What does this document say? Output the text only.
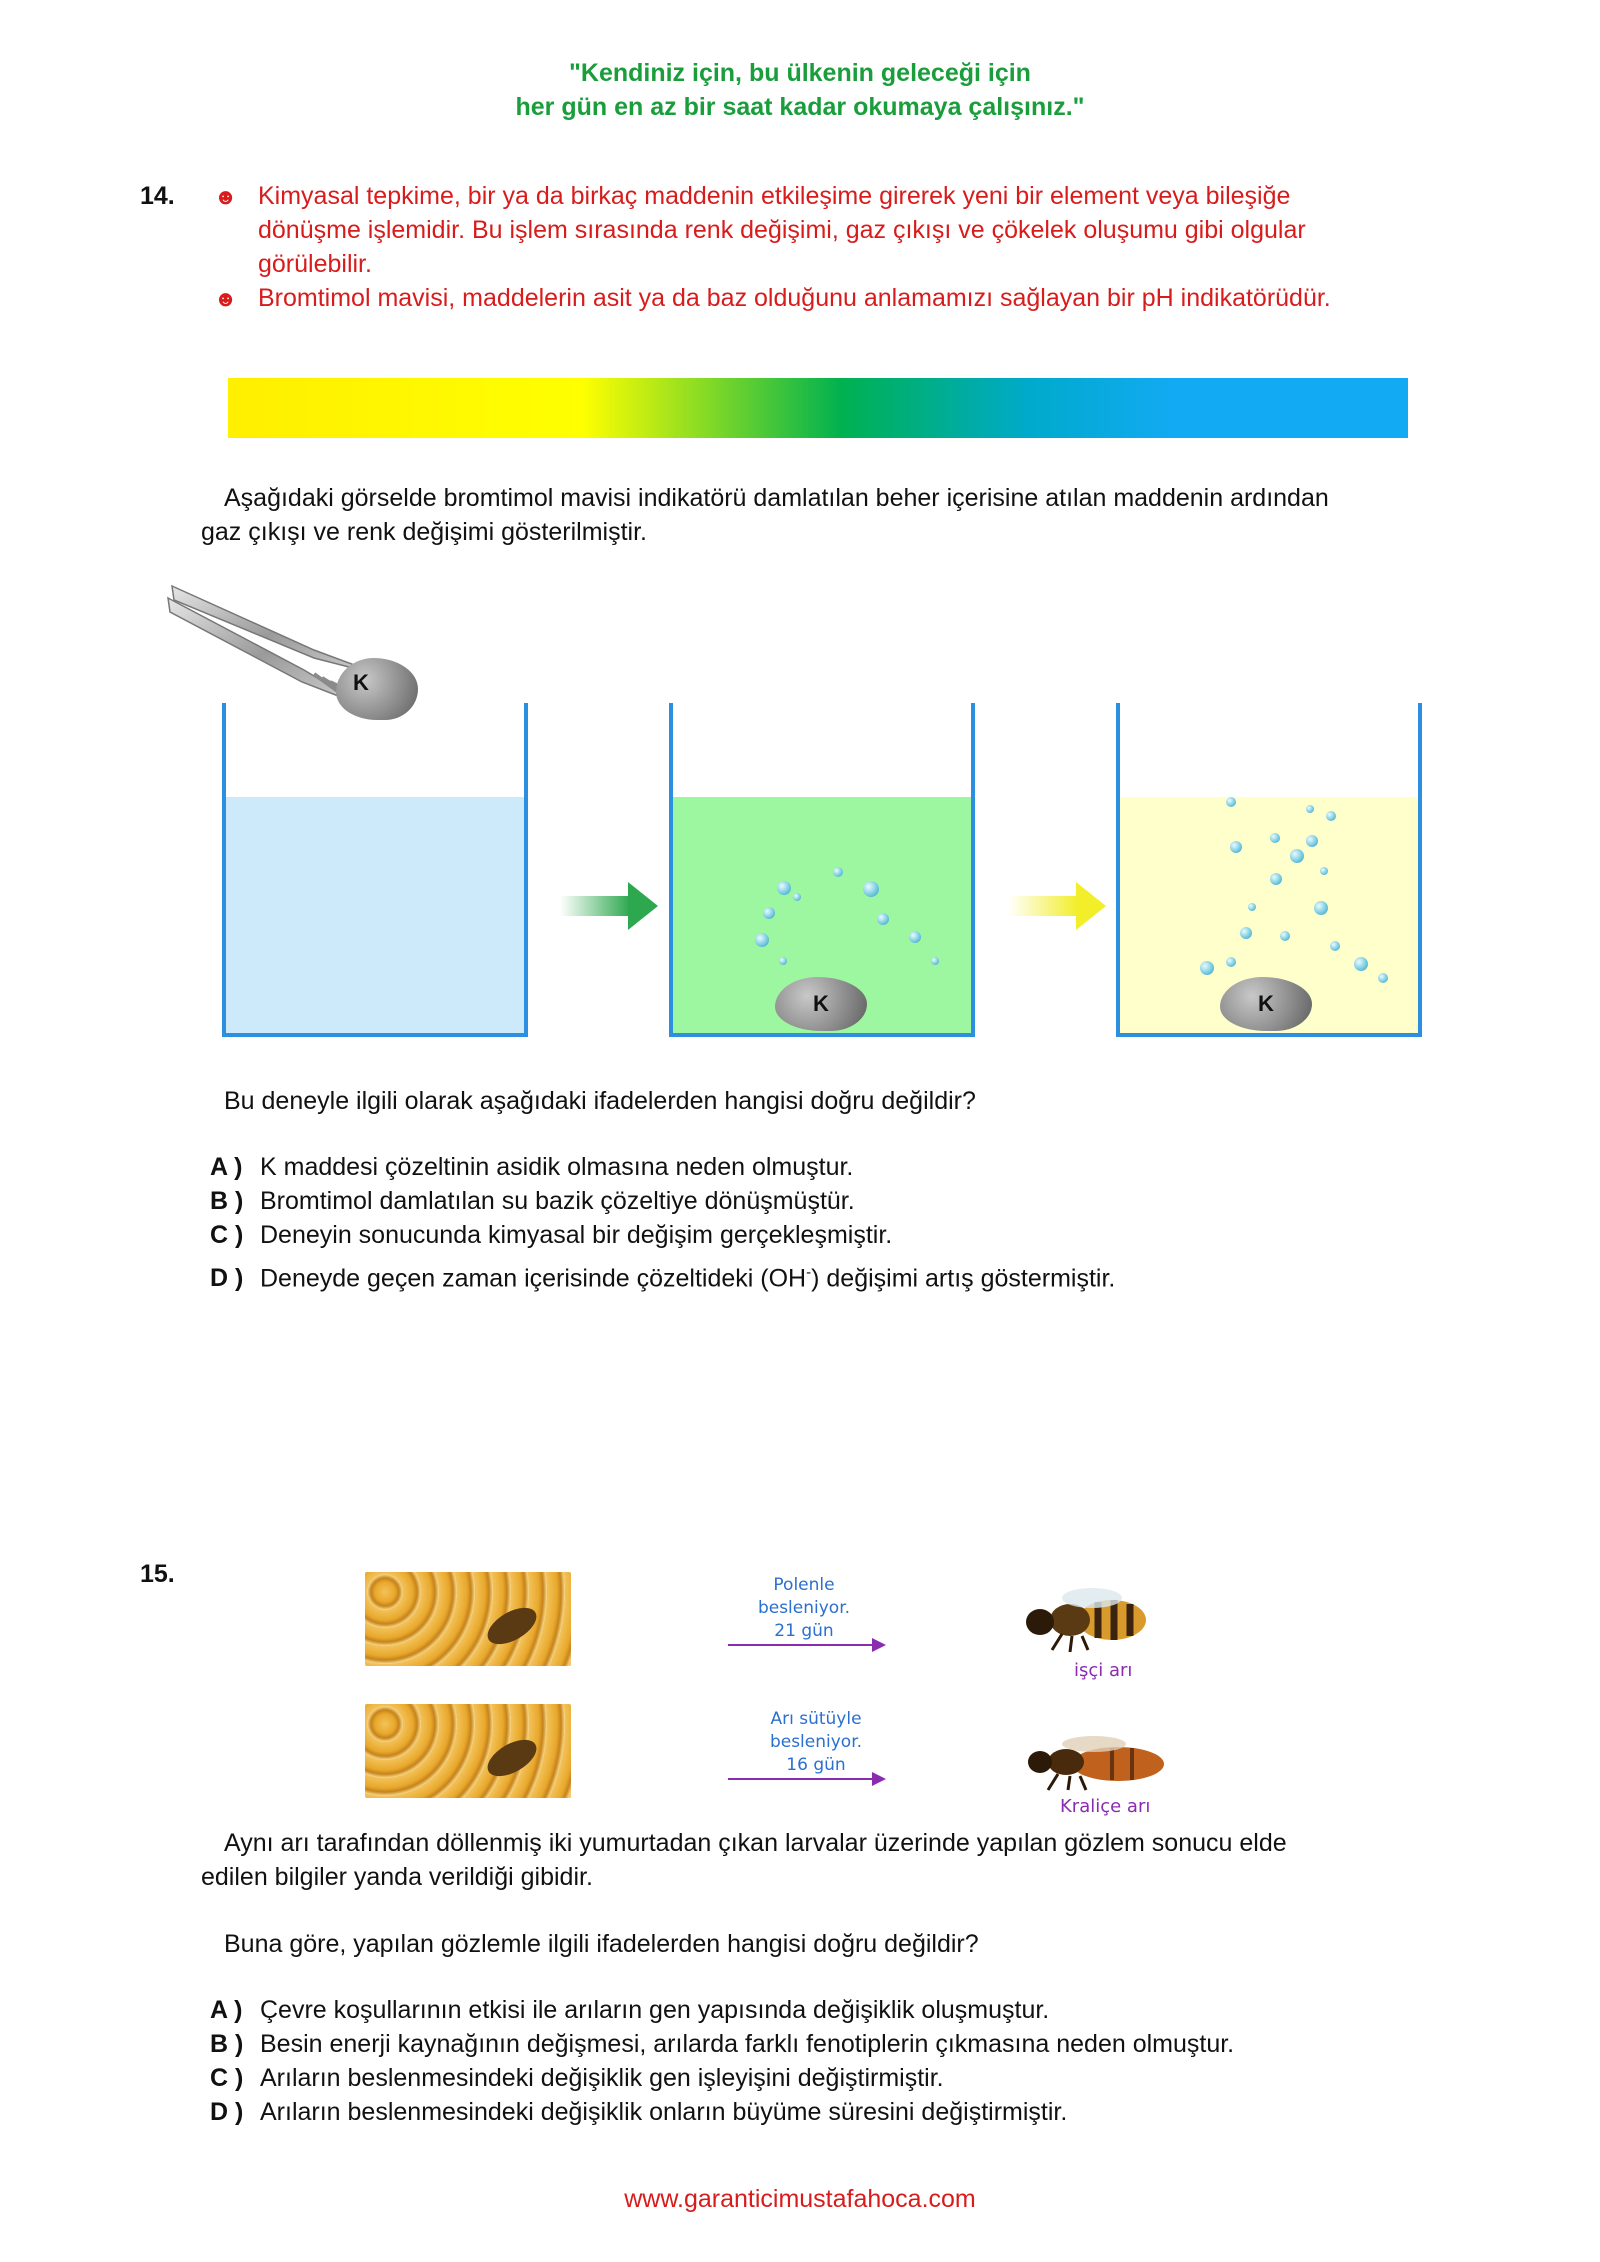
"Kendiniz için, bu ülkenin geleceği için
her gün en az bir saat kadar okumaya çalışınız."
14. ☻ Kimyasal tepkime, bir ya da birkaç maddenin etkileşime girerek yeni bir element veya bileşiğe
dönüşme işlemidir. Bu işlem sırasında renk değişimi, gaz çıkışı ve çökelek oluşumu gibi olgular
görülebilir.
☻ Bromtimol mavisi, maddelerin asit ya da baz olduğunu anlamamızı sağlayan bir pH indikatörüdür.
Aşağıdaki görselde bromtimol mavisi indikatörü damlatılan beher içerisine atılan maddenin ardından
gaz çıkışı ve renk değişimi gösterilmiştir.
K
K	K
Bu deneyle ilgili olarak aşağıdaki ifadelerden hangisi doğru değildir?
A ) K maddesi çözeltinin asidik olmasına neden olmuştur.
B ) Bromtimol damlatılan su bazik çözeltiye dönüşmüştür.
C ) Deneyin sonucunda kimyasal bir değişim gerçekleşmiştir.
D ) Deneyde geçen zaman içerisinde çözeltideki (OH-) değişimi artış göstermiştir.
15.	Polenle
besleniyor.
21 gün
işçi arı
Arı sütüyle
besleniyor.
16 gün
Kraliçe arı
Aynı arı tarafından döllenmiş iki yumurtadan çıkan larvalar üzerinde yapılan gözlem sonucu elde
edilen bilgiler yanda verildiği gibidir.
Buna göre, yapılan gözlemle ilgili ifadelerden hangisi doğru değildir?
A ) Çevre koşullarının etkisi ile arıların gen yapısında değişiklik oluşmuştur.
B ) Besin enerji kaynağının değişmesi, arılarda farklı fenotiplerin çıkmasına neden olmuştur.
C ) Arıların beslenmesindeki değişiklik gen işleyişini değiştirmiştir.
D ) Arıların beslenmesindeki değişiklik onların büyüme süresini değiştirmiştir.
www.garanticimustafahoca.com
